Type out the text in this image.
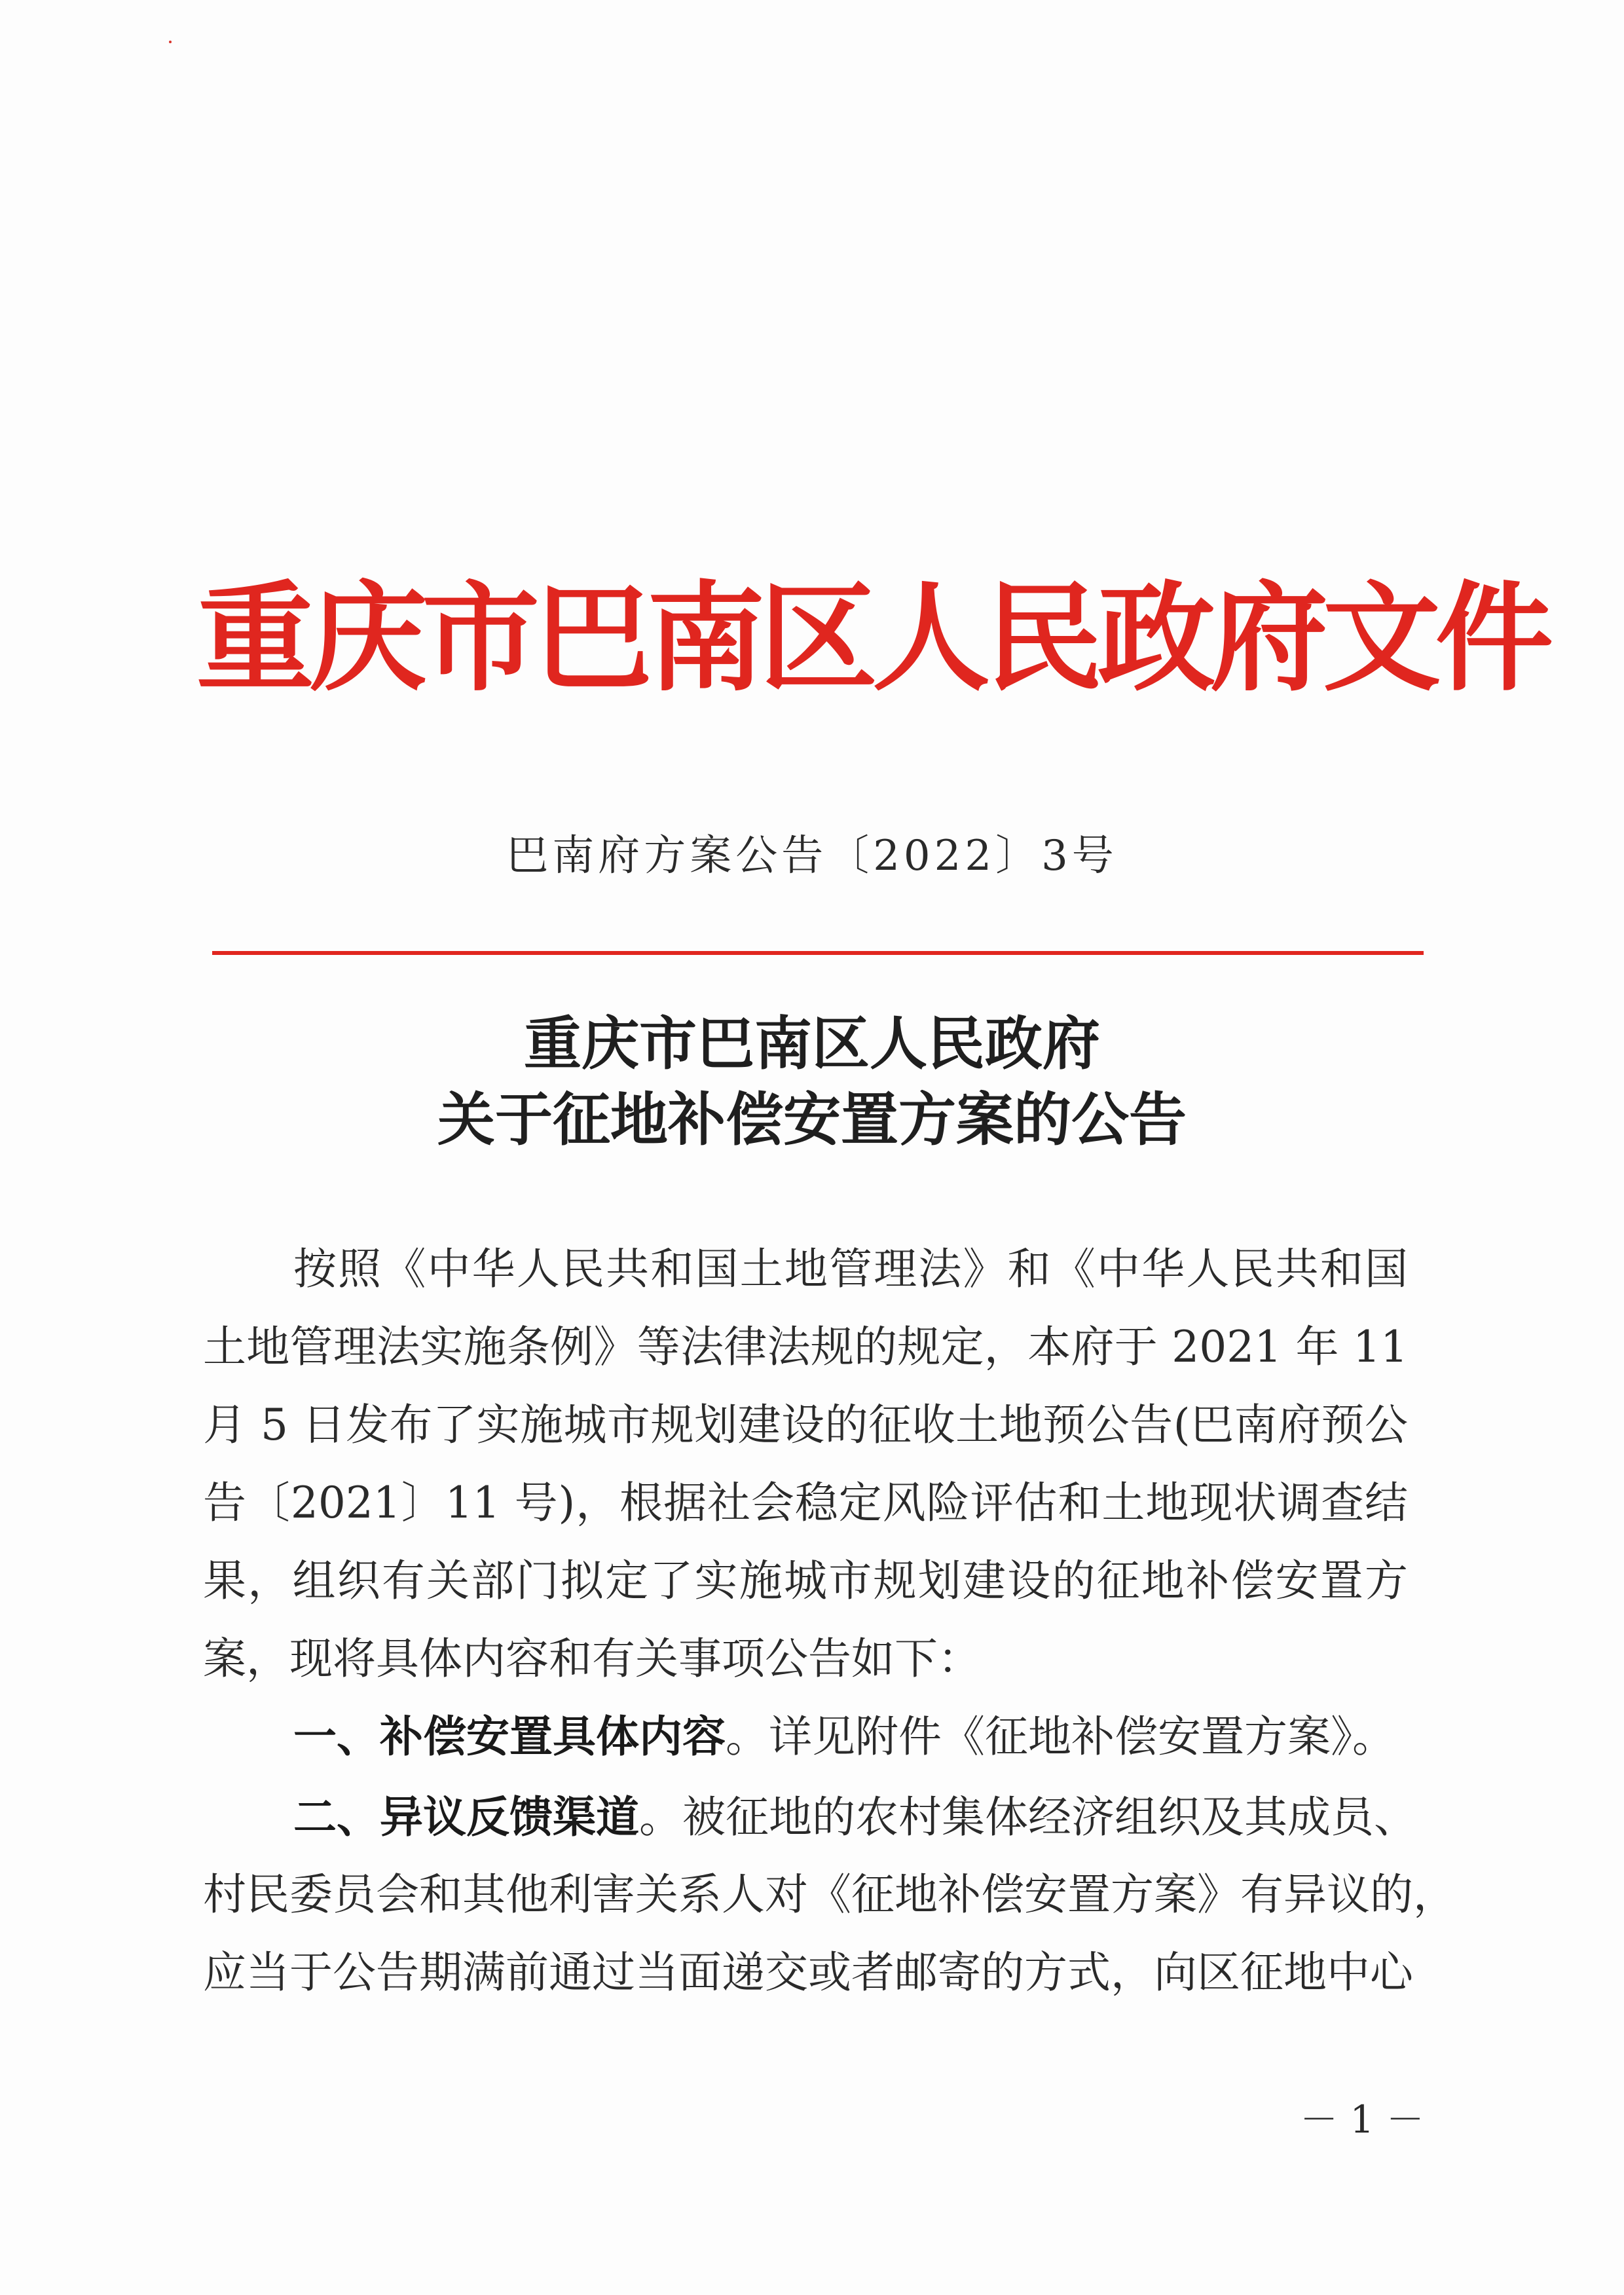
重庆市巴南区人民政府文件
巴南府方案公告〔2022〕3号
重庆市巴南区人民政府
关于征地补偿安置方案的公告
按照《中华人民共和国土地管理法》和《中华人民共和国
土地管理法实施条例》等法律法规的规定，本府于 2021 年 11
月 5 日发布了实施城市规划建设的征收土地预公告(巴南府预公
告〔2021〕11 号)，根据社会稳定风险评估和土地现状调查结
果，组织有关部门拟定了实施城市规划建设的征地补偿安置方
案，现将具体内容和有关事项公告如下：
一、补偿安置具体内容。详见附件《征地补偿安置方案》。
二、异议反馈渠道。被征地的农村集体经济组织及其成员、
村民委员会和其他利害关系人对《征地补偿安置方案》有异议的，
应当于公告期满前通过当面递交或者邮寄的方式，向区征地中心
－ 1 －
